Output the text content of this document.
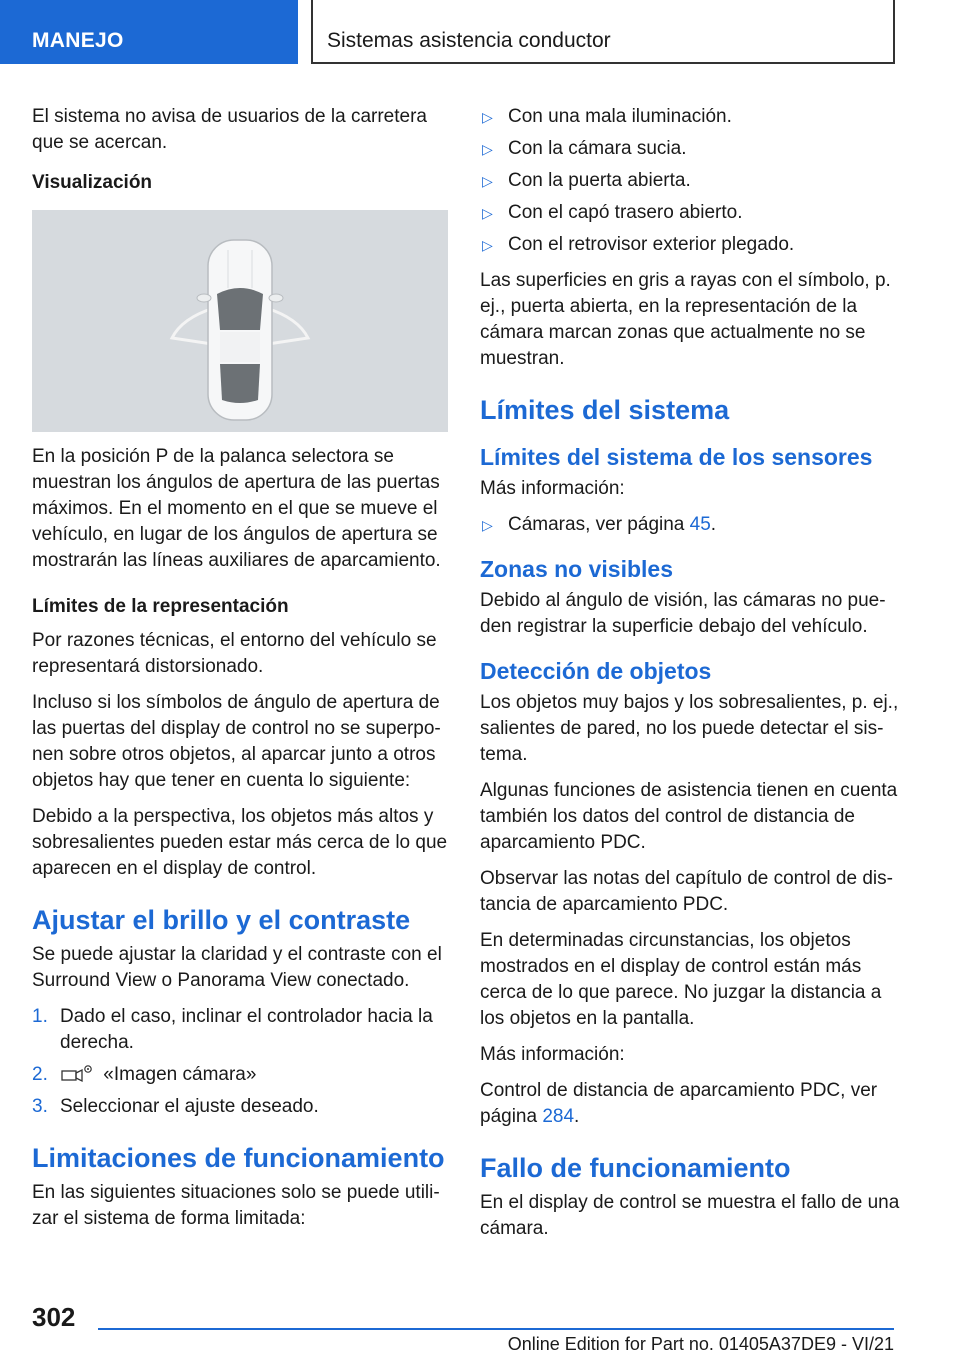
MANEJO	Sistemas asistencia conductor

El sistema no avisa de usuarios de la carretera que se acercan.

Visualización

En la posición P de la palanca selectora se muestran los ángulos de apertura de las puertas máximos. En el momento en el que se mueve el vehículo, en lugar de los ángulos de apertura se mostrarán las líneas auxiliares de aparcamiento.

Límites de la representación

Por razones técnicas, el entorno del vehículo se representará distorsionado.

Incluso si los símbolos de ángulo de apertura de las puertas del display de control no se superpo-nen sobre otros objetos, al aparcar junto a otros objetos hay que tener en cuenta lo siguiente:

Debido a la perspectiva, los objetos más altos y sobresalientes pueden estar más cerca de lo que aparecen en el display de control.

Ajustar el brillo y el contraste

Se puede ajustar la claridad y el contraste con el Surround View o Panorama View conectado.

1. Dado el caso, inclinar el controlador hacia la derecha.
2.	«Imagen cámara»
3. Seleccionar el ajuste deseado.
Limitaciones de funcionamiento

En las siguientes situaciones solo se puede utili-zar el sistema de forma limitada:

▷ Con una mala iluminación.
▷ Con la cámara sucia.
▷ Con la puerta abierta.
▷ Con el capó trasero abierto.
▷ Con el retrovisor exterior plegado.

Las superficies en gris a rayas con el símbolo, p. ej., puerta abierta, en la representación de la cámara marcan zonas que actualmente no se muestran.

Límites del sistema
Límites del sistema de los sensores

Más información:

▷ Cámaras, ver página 45.
Zonas no visibles

Debido al ángulo de visión, las cámaras no pue-den registrar la superficie debajo del vehículo.

Detección de objetos

Los objetos muy bajos y los sobresalientes, p. ej., salientes de pared, no los puede detectar el sis-tema.

Algunas funciones de asistencia tienen en cuenta también los datos del control de distancia de aparcamiento PDC.

Observar las notas del capítulo de control de dis-tancia de aparcamiento PDC.

En determinadas circunstancias, los objetos mostrados en el display de control están más cerca de lo que parece. No juzgar la distancia a los objetos en la pantalla.

Más información:

Control de distancia de aparcamiento PDC, ver página 284.

Fallo de funcionamiento

En el display de control se muestra el fallo de una cámara.

302
Online Edition for Part no. 01405A37DE9 - VI/21
